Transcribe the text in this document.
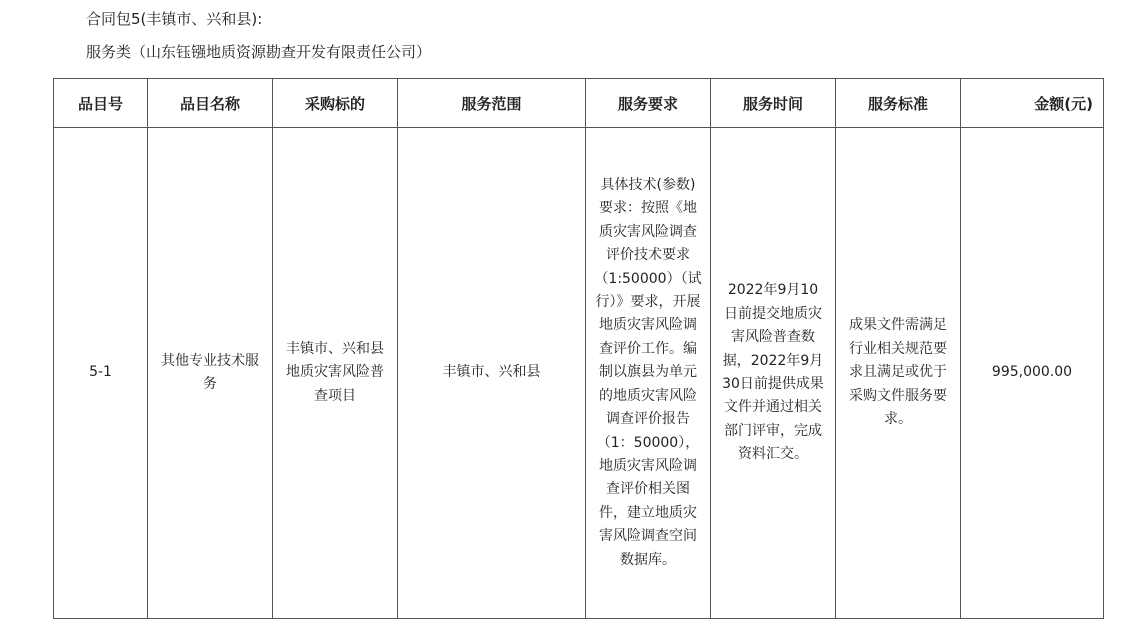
合同包5(丰镇市、兴和县):
服务类（山东钰镪地质资源勘查开发有限责任公司）
品目号	品目名称	采购标的	服务范围	服务要求	服务时间	服务标准	金额(元)

5-1	其他专业技术服务	丰镇市、兴和县地质灾害风险普查项目	丰镇市、兴和县	具体技术(参数)要求：按照《地质灾害风险调查评价技术要求（1:50000）（试行）》要求，开展地质灾害风险调查评价工作。编制以旗县为单元的地质灾害风险调查评价报告（1：50000），地质灾害风险调查评价相关图件，建立地质灾害风险调查空间数据库。	2022年9月10日前提交地质灾害风险普查数据，2022年9月30日前提供成果文件并通过相关部门评审，完成资料汇交。	成果文件需满足行业相关规范要求且满足或优于采购文件服务要求。	995,000.00
